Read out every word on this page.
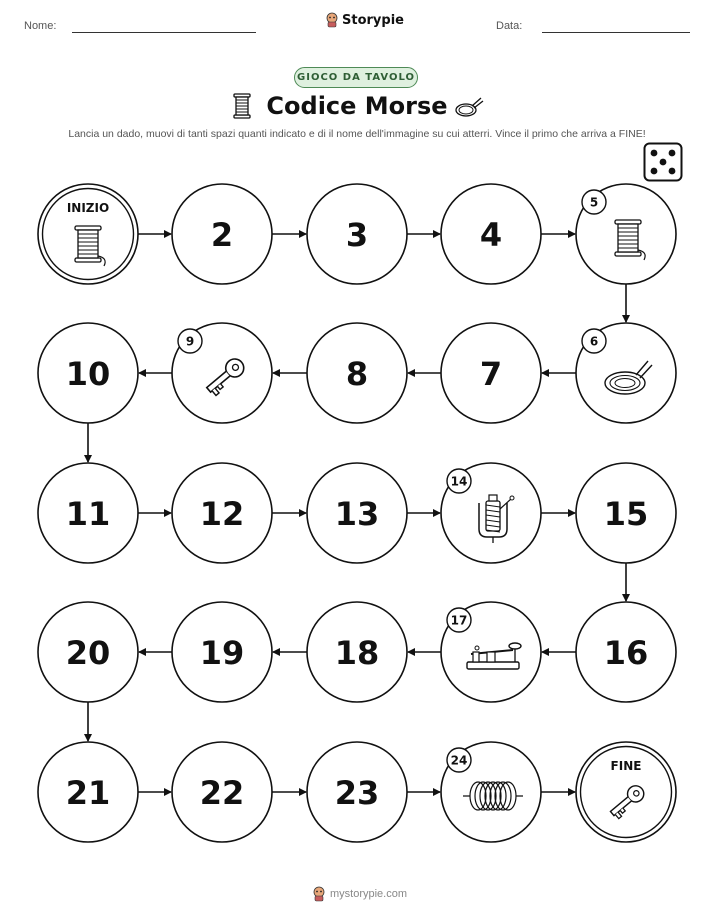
Nome:	Storypie	Data:
GIOCO DA TAVOLO
Codice Morse
Lancia un dado, muovi di tanti spazi quanti indicato e di il nome dell'immagine su cui atterri. Vince il primo che arriva a FINE!
INIZIO
2	3	4
5
6
7
8
9
10
11	12	13
14
15
16
17
18
19
20
21	22	23
24	FINE
mystorypie.com
